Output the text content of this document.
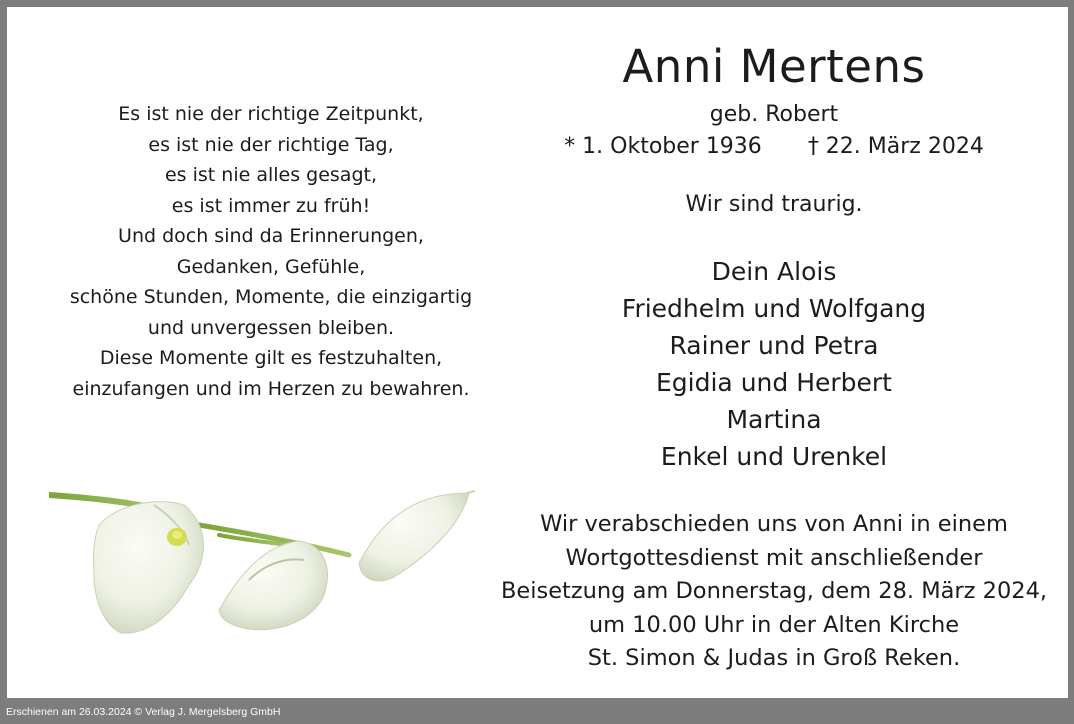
Es ist nie der richtige Zeitpunkt,
es ist nie der richtige Tag,
es ist nie alles gesagt,
es ist immer zu früh!
Und doch sind da Erinnerungen,
Gedanken, Gefühle,
schöne Stunden, Momente, die einzigartig
und unvergessen bleiben.
Diese Momente gilt es festzuhalten,
einzufangen und im Herzen zu bewahren.
Anni Mertens
geb. Robert
* 1. Oktober 1936 † 22. März 2024
Wir sind traurig.
Dein Alois
Friedhelm und Wolfgang
Rainer und Petra
Egidia und Herbert
Martina
Enkel und Urenkel
Wir verabschieden uns von Anni in einem
Wortgottesdienst mit anschließender
Beisetzung am Donnerstag, dem 28. März 2024,
um 10.00 Uhr in der Alten Kirche
St. Simon & Judas in Groß Reken.
Erschienen am 26.03.2024 © Verlag J. Mergelsberg GmbH
